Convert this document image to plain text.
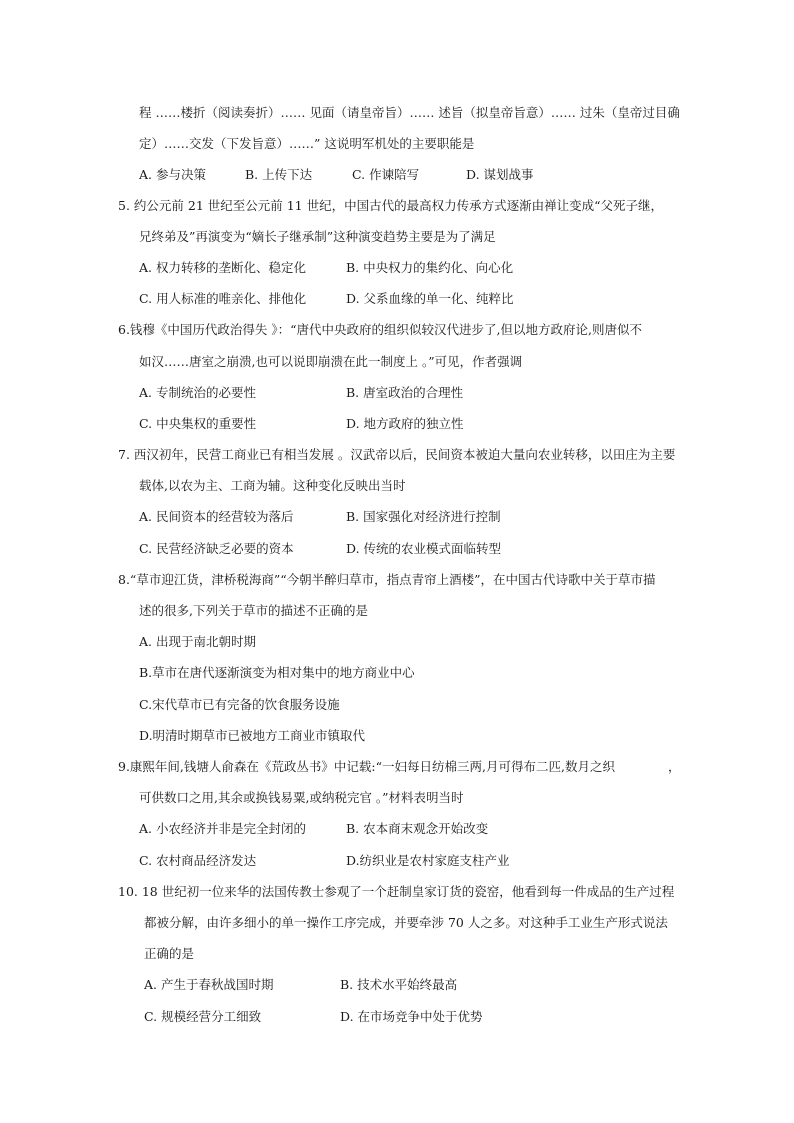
程 ……楼折（阅读奏折）…… 见面（请皇帝旨）…… 述旨（拟皇帝旨意）…… 过朱（皇帝过目确
定）……交发（下发旨意）……” 这说明军机处的主要职能是
A. 参与决策	B. 上传下达	C. 作谏陪写	D. 谋划战事
5. 约公元前 21 世纪至公元前 11 世纪，中国古代的最高权力传承方式逐渐由禅让变成“父死子继，
兄终弟及”再演变为“嫡长子继承制”这种演变趋势主要是为了满足
A. 权力转移的垄断化、稳定化	B. 中央权力的集约化、向心化
C. 用人标准的唯亲化、排他化	D. 父系血缘的单一化、纯粹比
6.钱穆《中国历代政治得失 》：“唐代中央政府的组织似较汉代进步了,但以地方政府论,则唐似不
如汉……唐室之崩溃,也可以说即崩溃在此一制度上 。”可见，作者强调
A. 专制统治的必要性	B. 唐室政治的合理性
C. 中央集权的重要性	D. 地方政府的独立性
7. 西汉初年，民营工商业已有相当发展 。汉武帝以后，民间资本被迫大量向农业转移，以田庄为主要
载体,以农为主、工商为辅。这种变化反映出当时
A. 民间资本的经营较为落后	B. 国家强化对经济进行控制
C. 民营经济缺乏必要的资本	D. 传统的农业模式面临转型
8.“草市迎江货，津桥税海商”“今朝半醉归草市，指点青帘上酒楼”，在中国古代诗歌中关于草市描
述的很多,下列关于草市的描述不正确的是
A. 出现于南北朝时期
B.草市在唐代逐渐演变为相对集中的地方商业中心
C.宋代草市已有完备的饮食服务设施
D.明清时期草市已被地方工商业市镇取代
9.康熙年间,钱塘人俞森在《荒政丛书》中记载:“一妇每日纺棉三两,月可得布二匹,数月之织	，
可供数口之用,其余或换钱易粟,或纳税完官 。”材料表明当时
A. 小农经济并非是完全封闭的	B. 农本商末观念开始改变
C. 农村商品经济发达	D.纺织业是农村家庭支柱产业
10. 18 世纪初一位来华的法国传教士参观了一个赶制皇家订货的瓷窑，他看到每一件成品的生产过程
都被分解，由许多细小的单一操作工序完成，并要牵涉 70 人之多。对这种手工业生产形式说法
正确的是
A. 产生于春秋战国时期	B. 技术水平始终最高
C. 规模经营分工细致	D. 在市场竞争中处于优势
